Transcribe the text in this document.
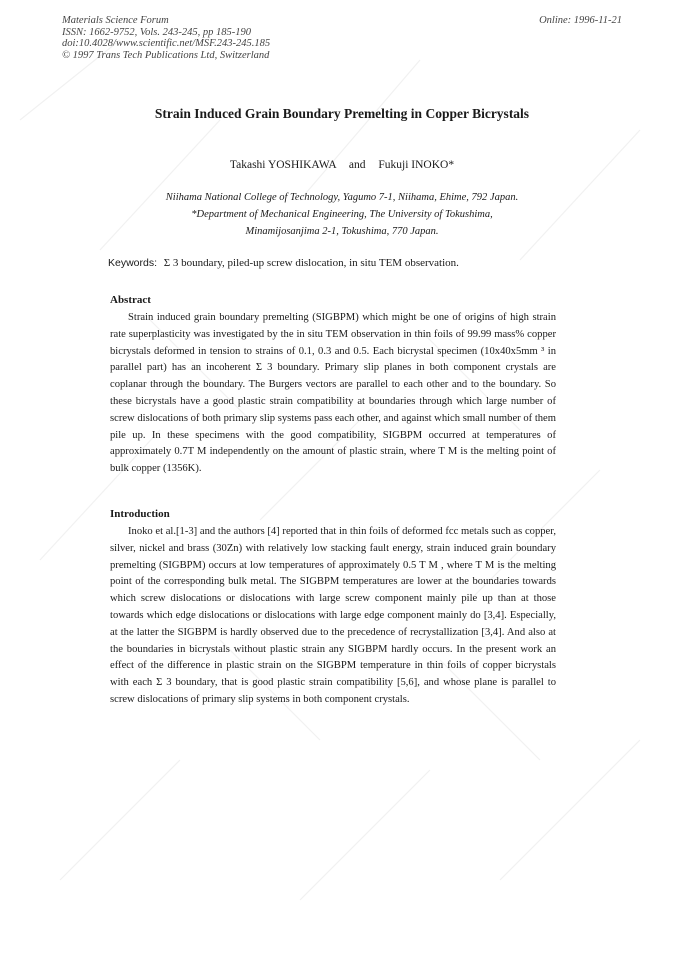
Materials Science Forum
ISSN: 1662-9752, Vols. 243-245, pp 185-190
doi:10.4028/www.scientific.net/MSF.243-245.185
© 1997 Trans Tech Publications Ltd, Switzerland
Online: 1996-11-21
Strain Induced Grain Boundary Premelting in Copper Bicrystals
Takashi YOSHIKAWA and Fukuji INOKO*
Niihama National College of Technology, Yagumo 7-1, Niihama, Ehime, 792 Japan.
*Department of Mechanical Engineering, The University of Tokushima,
Minamijosanjima 2-1, Tokushima, 770 Japan.
Keywords: Σ 3 boundary, piled-up screw dislocation, in situ TEM observation.
Abstract

Strain induced grain boundary premelting (SIGBPM) which might be one of origins of high strain rate superplasticity was investigated by the in situ TEM observation in thin foils of 99.99 mass% copper bicrystals deformed in tension to strains of 0.1, 0.3 and 0.5. Each bicrystal specimen (10x40x5mm ³ in parallel part) has an incoherent Σ 3 boundary. Primary slip planes in both component crystals are coplanar through the boundary. The Burgers vectors are parallel to each other and to the boundary. So these bicrystals have a good plastic strain compatibility at boundaries through which large number of screw dislocations of both primary slip systems pass each other, and against which small number of them pile up. In these specimens with the good compatibility, SIGBPM occurred at temperatures of approximately 0.7T M independently on the amount of plastic strain, where T M is the melting point of bulk copper (1356K).

Introduction

Inoko et al.[1-3] and the authors [4] reported that in thin foils of deformed fcc metals such as copper, silver, nickel and brass (30Zn) with relatively low stacking fault energy, strain induced grain boundary premelting (SIGBPM) occurs at low temperatures of approximately 0.5 T M , where T M is the melting point of the corresponding bulk metal. The SIGBPM temperatures are lower at the boundaries towards which screw dislocations or dislocations with large screw component mainly pile up than at those towards which edge dislocations or dislocations with large edge component mainly do [3,4]. Especially, at the latter the SIGBPM is hardly observed due to the precedence of recrystallization [3,4]. And also at the boundaries in bicrystals without plastic strain any SIGBPM hardly occurs. In the present work an effect of the difference in plastic strain on the SIGBPM temperature in thin foils of copper bicrystals with each Σ 3 boundary, that is good plastic strain compatibility [5,6], and whose plane is parallel to screw dislocations of primary slip systems in both component crystals.
